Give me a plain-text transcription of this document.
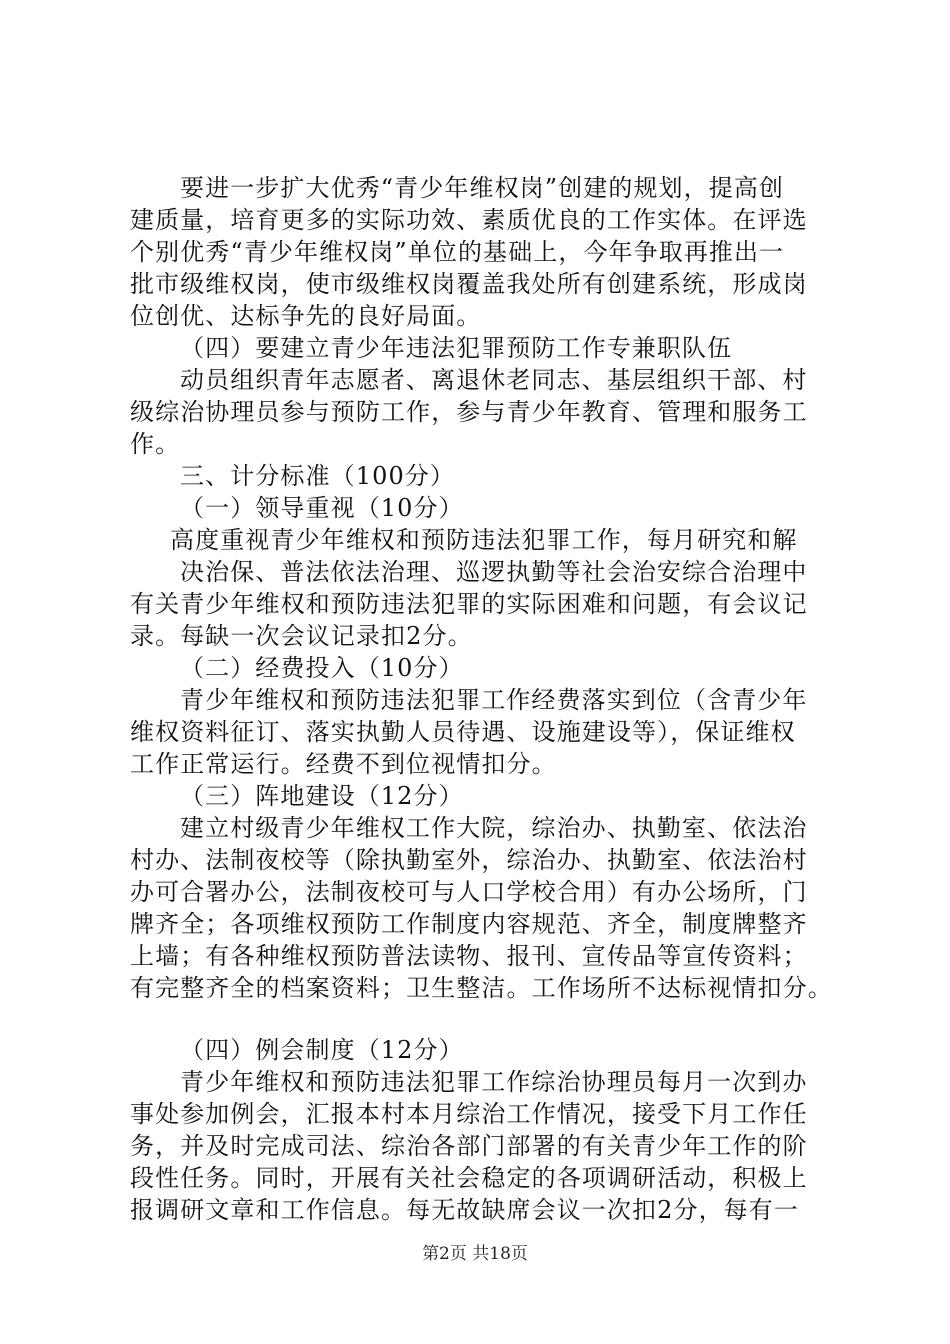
要进一步扩大优秀“青少年维权岗”创建的规划，提高创
建质量，培育更多的实际功效、素质优良的工作实体。在评选
个别优秀“青少年维权岗”单位的基础上，今年争取再推出一
批市级维权岗，使市级维权岗覆盖我处所有创建系统，形成岗
位创优、达标争先的良好局面。
（四）要建立青少年违法犯罪预防工作专兼职队伍
动员组织青年志愿者、离退休老同志、基层组织干部、村
级综治协理员参与预防工作，参与青少年教育、管理和服务工
作。
三、计分标准（100分）
（一）领导重视（10分）
高度重视青少年维权和预防违法犯罪工作，每月研究和解
决治保、普法依法治理、巡逻执勤等社会治安综合治理中
有关青少年维权和预防违法犯罪的实际困难和问题，有会议记
录。每缺一次会议记录扣2分。
（二）经费投入（10分）
青少年维权和预防违法犯罪工作经费落实到位（含青少年
维权资料征订、落实执勤人员待遇、设施建设等），保证维权
工作正常运行。经费不到位视情扣分。
（三）阵地建设（12分）
建立村级青少年维权工作大院，综治办、执勤室、依法治
村办、法制夜校等（除执勤室外，综治办、执勤室、依法治村
办可合署办公，法制夜校可与人口学校合用）有办公场所，门
牌齐全；各项维权预防工作制度内容规范、齐全，制度牌整齐
上墙；有各种维权预防普法读物、报刊、宣传品等宣传资料；
有完整齐全的档案资料；卫生整洁。工作场所不达标视情扣分。
（四）例会制度（12分）
青少年维权和预防违法犯罪工作综治协理员每月一次到办
事处参加例会，汇报本村本月综治工作情况，接受下月工作任
务，并及时完成司法、综治各部门部署的有关青少年工作的阶
段性任务。同时，开展有关社会稳定的各项调研活动，积极上
报调研文章和工作信息。每无故缺席会议一次扣2分，每有一
第2页 共18页
